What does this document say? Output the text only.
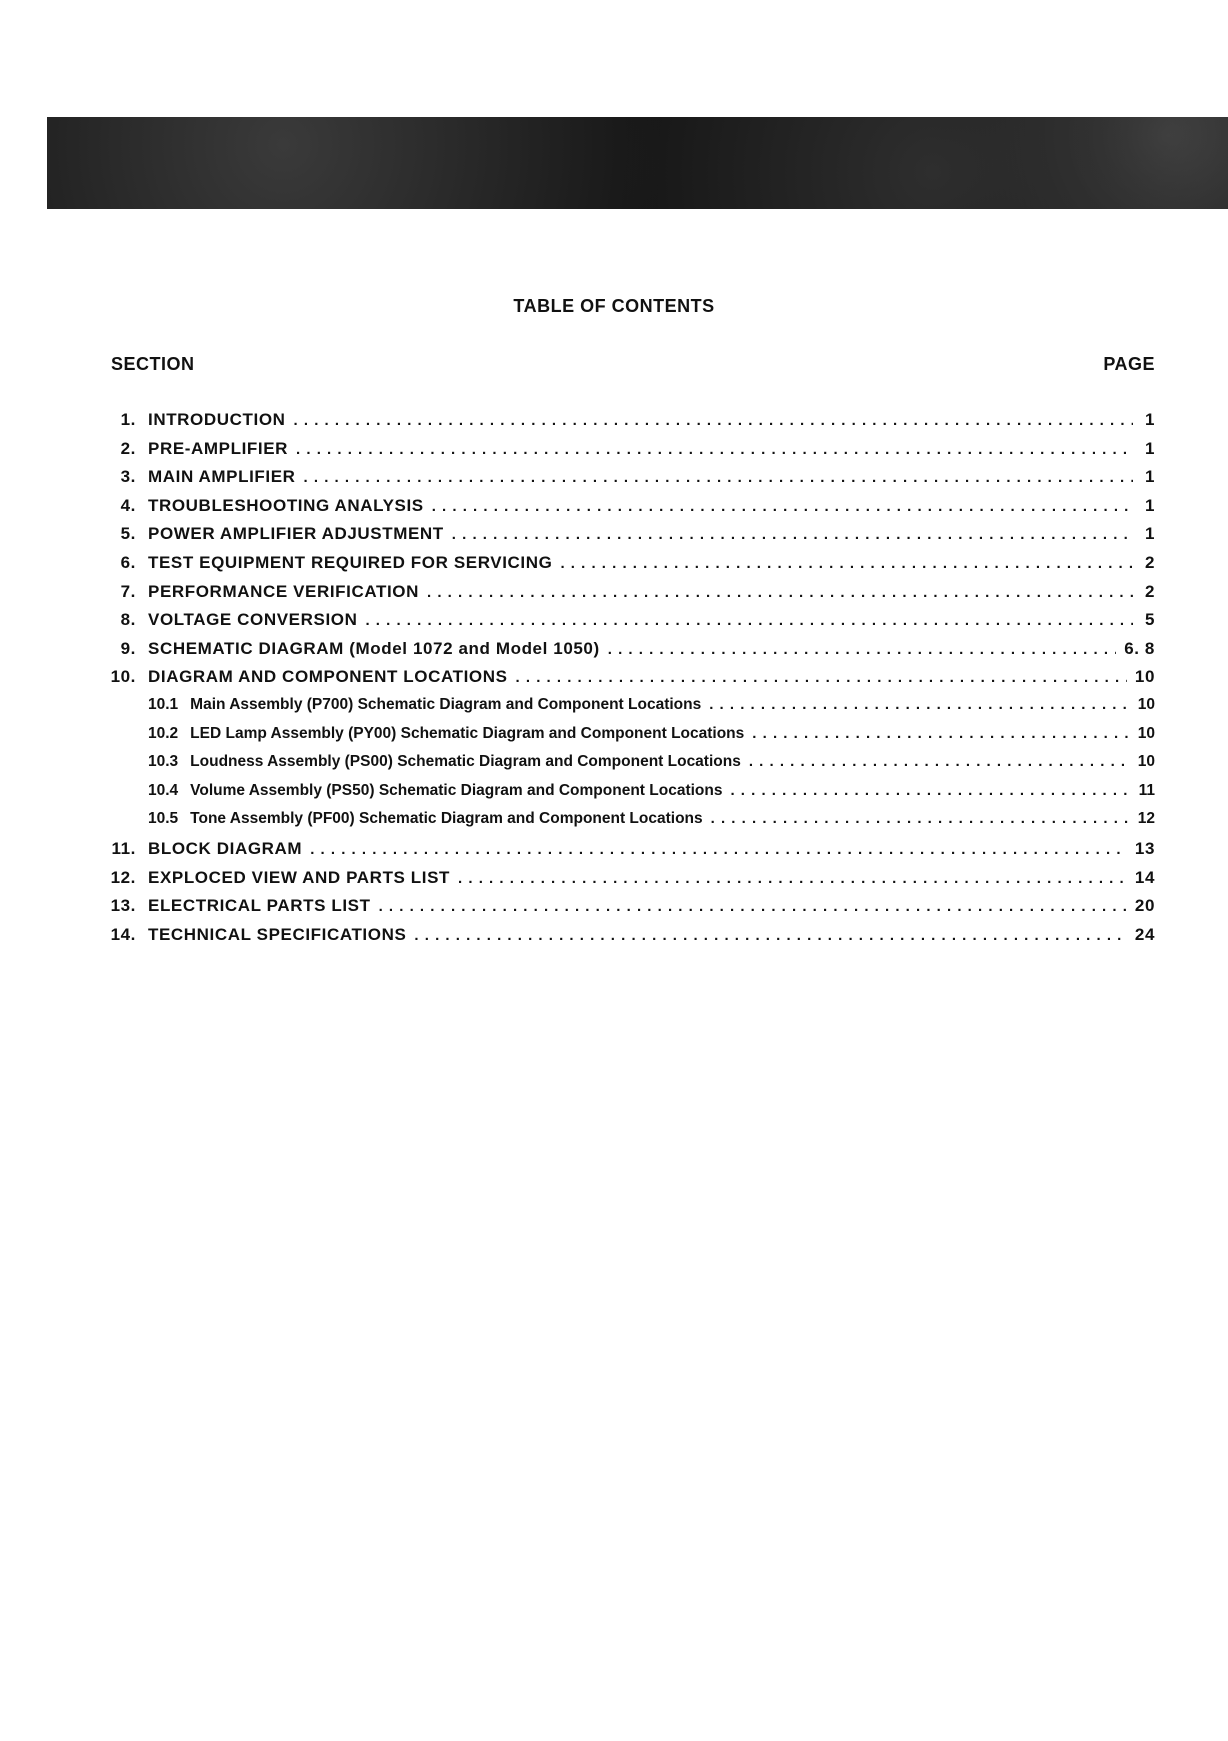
TABLE OF CONTENTS
SECTION	PAGE
1. INTRODUCTION . . .	1
2. PRE-AMPLIFIER . . .	1
3. MAIN AMPLIFIER . . .	1
4. TROUBLESHOOTING ANALYSIS . . .	1
5. POWER AMPLIFIER ADJUSTMENT . . .	1
6. TEST EQUIPMENT REQUIRED FOR SERVICING . . .	2
7. PERFORMANCE VERIFICATION . . .	2
8. VOLTAGE CONVERSION . . .	5
9. SCHEMATIC DIAGRAM (Model 1072 and Model 1050) . . .	6. 8
10. DIAGRAM AND COMPONENT LOCATIONS . . .	10
10.1 Main Assembly (P700) Schematic Diagram and Component Locations . . .	10
10.2 LED Lamp Assembly (PY00) Schematic Diagram and Component Locations . . .	10
10.3 Loudness Assembly (PS00) Schematic Diagram and Component Locations . . .	10
10.4 Volume Assembly (PS50) Schematic Diagram and Component Locations . . .	11
10.5 Tone Assembly (PF00) Schematic Diagram and Component Locations . . .	12
11. BLOCK DIAGRAM . . .	13
12. EXPLOCED VIEW AND PARTS LIST . . .	14
13. ELECTRICAL PARTS LIST . . .	20
14. TECHNICAL SPECIFICATIONS . . .	24
